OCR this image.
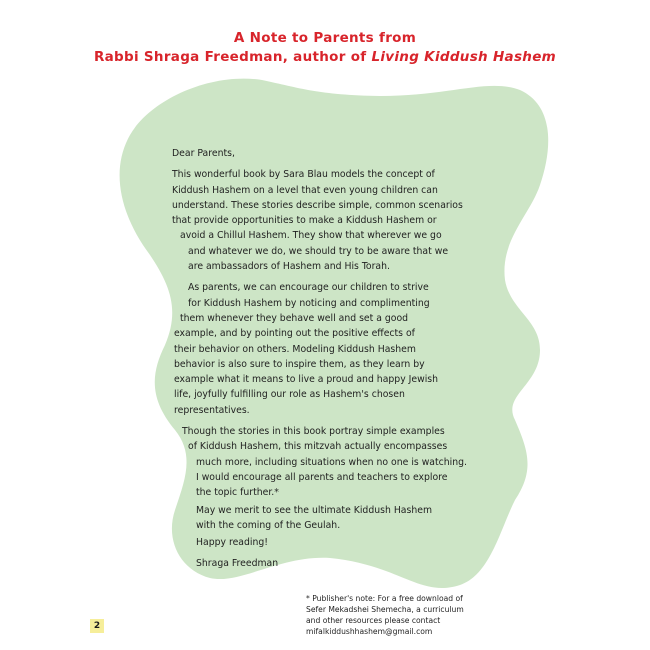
A Note to Parents from
Rabbi Shraga Freedman, author of Living Kiddush Hashem
Dear Parents,
This wonderful book by Sara Blau models the concept of
Kiddush Hashem on a level that even young children can
understand. These stories describe simple, common scenarios
that provide opportunities to make a Kiddush Hashem or
avoid a Chillul Hashem. They show that wherever we go
and whatever we do, we should try to be aware that we
are ambassadors of Hashem and His Torah.
As parents, we can encourage our children to strive
for Kiddush Hashem by noticing and complimenting
them whenever they behave well and set a good
example, and by pointing out the positive effects of
their behavior on others. Modeling Kiddush Hashem
behavior is also sure to inspire them, as they learn by
example what it means to live a proud and happy Jewish
life, joyfully fulfilling our role as Hashem's chosen
representatives.
Though the stories in this book portray simple examples
of Kiddush Hashem, this mitzvah actually encompasses
much more, including situations when no one is watching.
I would encourage all parents and teachers to explore
the topic further.*
May we merit to see the ultimate Kiddush Hashem
with the coming of the Geulah.
Happy reading!
Shraga Freedman
* Publisher's note: For a free download of
Sefer Mekadshei Shemecha, a curriculum
and other resources please contact
mifalkiddushhashem@gmail.com
2
